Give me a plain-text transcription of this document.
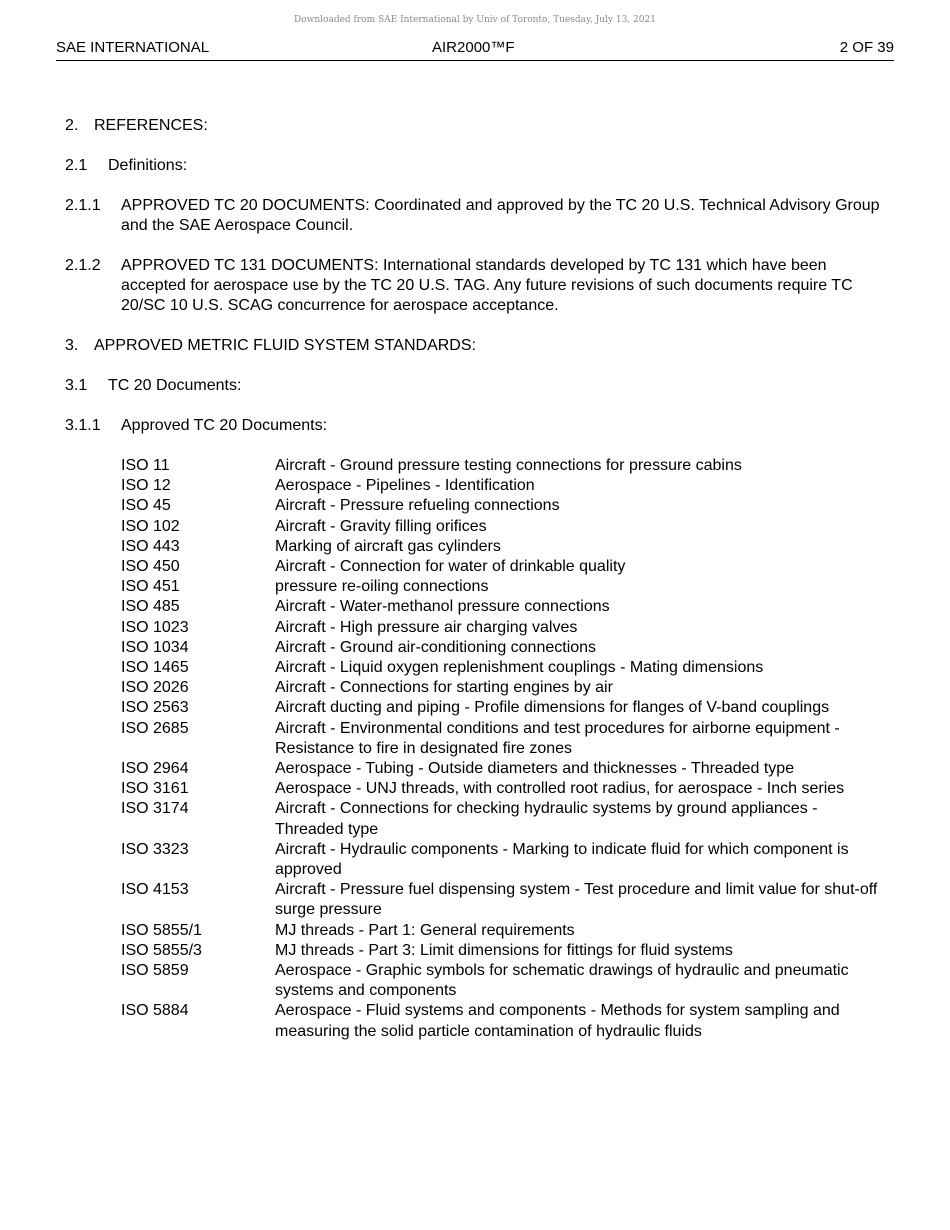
Downloaded from SAE International by Univ of Toronto, Tuesday, July 13, 2021
SAE INTERNATIONAL	AIR2000™F	2 OF 39
2. REFERENCES:
2.1	Definitions:
2.1.1	APPROVED TC 20 DOCUMENTS: Coordinated and approved by the TC 20 U.S. Technical Advisory Group and the SAE Aerospace Council.
2.1.2	APPROVED TC 131 DOCUMENTS: International standards developed by TC 131 which have been accepted for aerospace use by the TC 20 U.S. TAG. Any future revisions of such documents require TC 20/SC 10 U.S. SCAG concurrence for aerospace acceptance.
3. APPROVED METRIC FLUID SYSTEM STANDARDS:
3.1	TC 20 Documents:
3.1.1	Approved TC 20 Documents:
ISO 11	Aircraft - Ground pressure testing connections for pressure cabins
ISO 12	Aerospace - Pipelines - Identification
ISO 45	Aircraft - Pressure refueling connections
ISO 102	Aircraft - Gravity filling orifices
ISO 443	Marking of aircraft gas cylinders
ISO 450	Aircraft - Connection for water of drinkable quality
ISO 451	pressure re-oiling connections
ISO 485	Aircraft - Water-methanol pressure connections
ISO 1023	Aircraft - High pressure air charging valves
ISO 1034	Aircraft - Ground air-conditioning connections
ISO 1465	Aircraft - Liquid oxygen replenishment couplings - Mating dimensions
ISO 2026	Aircraft - Connections for starting engines by air
ISO 2563	Aircraft ducting and piping - Profile dimensions for flanges of V-band couplings
ISO 2685	Aircraft - Environmental conditions and test procedures for airborne equipment - Resistance to fire in designated fire zones
ISO 2964	Aerospace - Tubing - Outside diameters and thicknesses - Threaded type
ISO 3161	Aerospace - UNJ threads, with controlled root radius, for aerospace - Inch series
ISO 3174	Aircraft - Connections for checking hydraulic systems by ground appliances - Threaded type
ISO 3323	Aircraft - Hydraulic components - Marking to indicate fluid for which component is approved
ISO 4153	Aircraft - Pressure fuel dispensing system - Test procedure and limit value for shut-off surge pressure
ISO 5855/1	MJ threads - Part 1: General requirements
ISO 5855/3	MJ threads - Part 3: Limit dimensions for fittings for fluid systems
ISO 5859	Aerospace - Graphic symbols for schematic drawings of hydraulic and pneumatic systems and components
ISO 5884	Aerospace - Fluid systems and components - Methods for system sampling and measuring the solid particle contamination of hydraulic fluids
